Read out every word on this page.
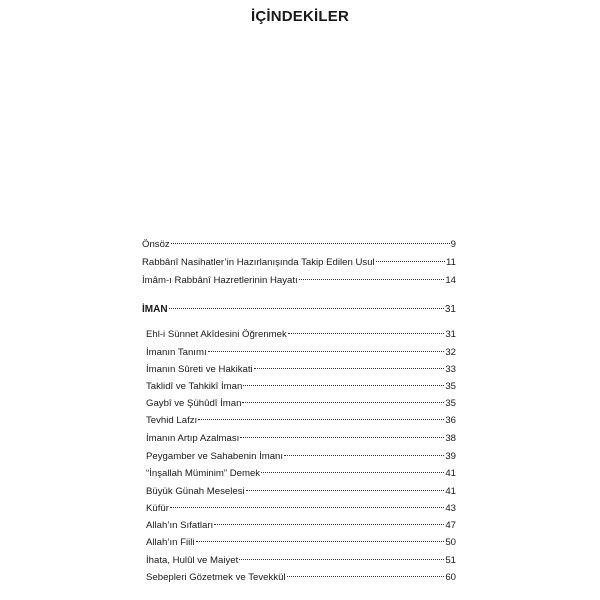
İÇİNDEKİLER
Önsöz	9
Rabbânî Nasihatler’in Hazırlanışında Takip Edilen Usul	11
İmâm-ı Rabbânî Hazretlerinin Hayatı	14
İMAN	31
Ehl-i Sünnet Akîdesini Öğrenmek	31
İmanın Tanımı	32
İmanın Sûreti ve Hakikati	33
Taklidî ve Tahkikî İman	35
Gaybî ve Şühûdî İman	35
Tevhid Lafzı	36
İmanın Artıp Azalması	38
Peygamber ve Sahabenin İmanı	39
“İnşallah Müminim” Demek	41
Büyük Günah Meselesi	41
Küfür	43
Allah’ın Sıfatları	47
Allah’ın Fiili	50
İhata, Hulûl ve Maiyet	51
Sebepleri Gözetmek ve Tevekkül	60
